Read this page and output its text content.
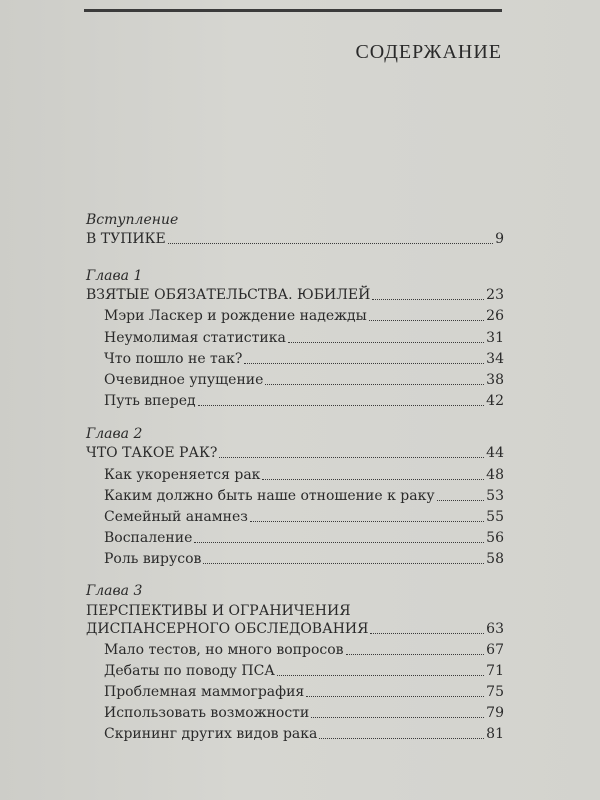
СОДЕРЖАНИЕ
Вступление
В ТУПИКЕ	9
Глава 1
ВЗЯТЫЕ ОБЯЗАТЕЛЬСТВА. ЮБИЛЕЙ	23
Мэри Ласкер и рождение надежды	26
Неумолимая статистика	31
Что пошло не так?	34
Очевидное упущение	38
Путь вперед	42
Глава 2
ЧТО ТАКОЕ РАК?	44
Как укореняется рак	48
Каким должно быть наше отношение к раку	53
Семейный анамнез	55
Воспаление	56
Роль вирусов	58
Глава 3
ПЕРСПЕКТИВЫ И ОГРАНИЧЕНИЯ
ДИСПАНСЕРНОГО ОБСЛЕДОВАНИЯ	63
Мало тестов, но много вопросов	67
Дебаты по поводу ПСА	71
Проблемная маммография	75
Использовать возможности	79
Скрининг других видов рака	81
